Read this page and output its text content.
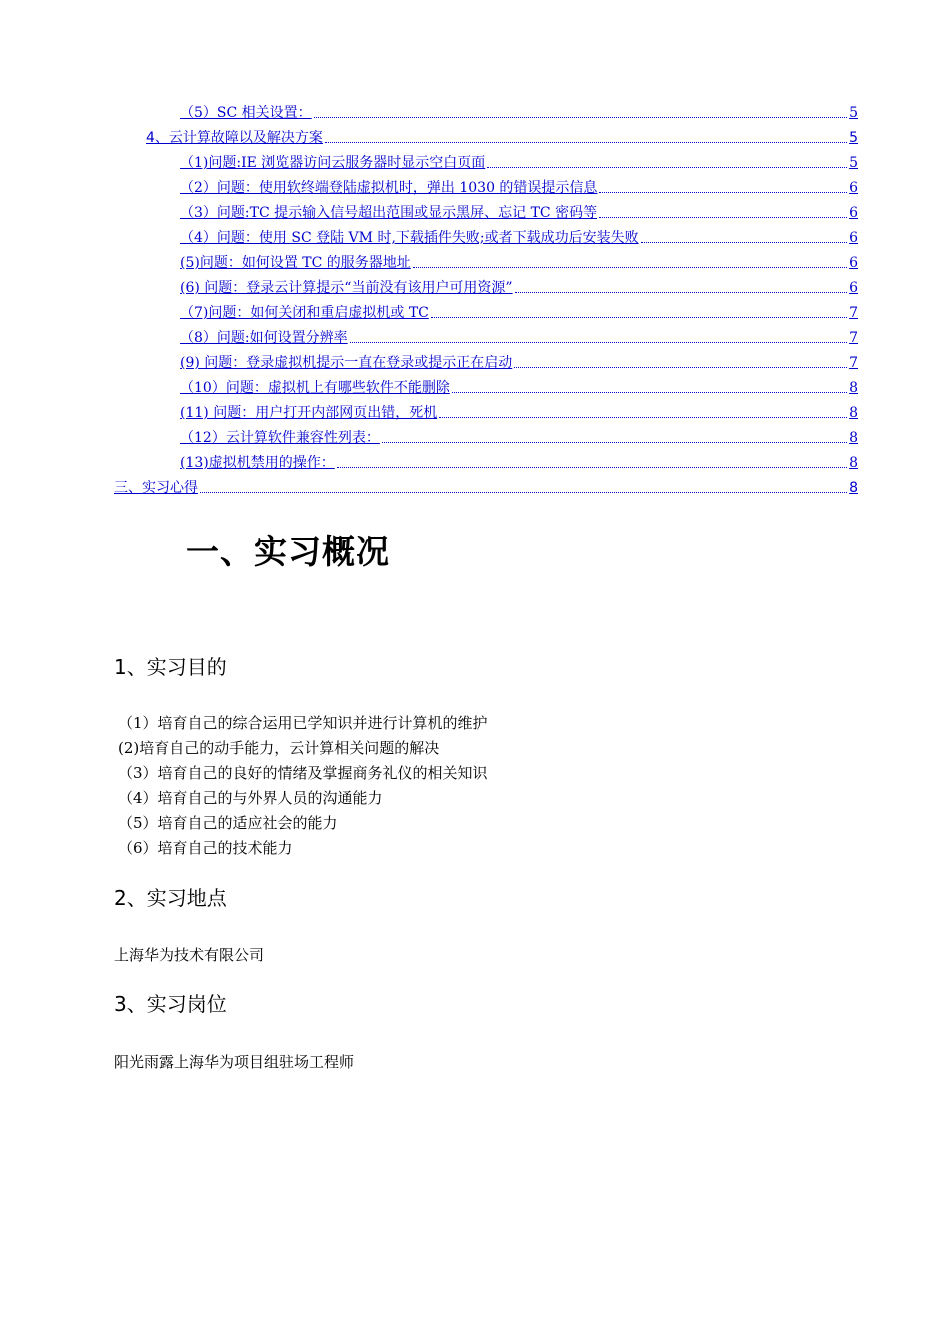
（5）SC 相关设置：	5
4、云计算故障以及解决方案	5
（1)问题:IE 浏览器访问云服务器时显示空白页面	5
（2）问题：使用软终端登陆虚拟机时，弹出 1030 的错误提示信息	6
（3）问题:TC 提示输入信号超出范围或显示黑屏、忘记 TC 密码等	6
（4）问题：使用 SC 登陆 VM 时,下载插件失败;或者下载成功后安装失败	6
(5)问题：如何设置 TC 的服务器地址	6
(6) 问题：登录云计算提示“当前没有该用户可用资源”	6
（7)问题：如何关闭和重启虚拟机或 TC	7
（8）问题:如何设置分辨率	7
(9) 问题：登录虚拟机提示一直在登录或提示正在启动	7
（10）问题：虚拟机上有哪些软件不能删除	8
(11) 问题：用户打开内部网页出错，死机	8
（12）云计算软件兼容性列表：	8
(13)虚拟机禁用的操作：	8
三、实习心得	8
一、实习概况
1、实习目的
（1）培育自己的综合运用已学知识并进行计算机的维护
(2)培育自己的动手能力，云计算相关问题的解决
（3）培育自己的良好的情绪及掌握商务礼仪的相关知识
（4）培育自己的与外界人员的沟通能力
（5）培育自己的适应社会的能力
（6）培育自己的技术能力
2、实习地点
上海华为技术有限公司
3、实习岗位
阳光雨露上海华为项目组驻场工程师
